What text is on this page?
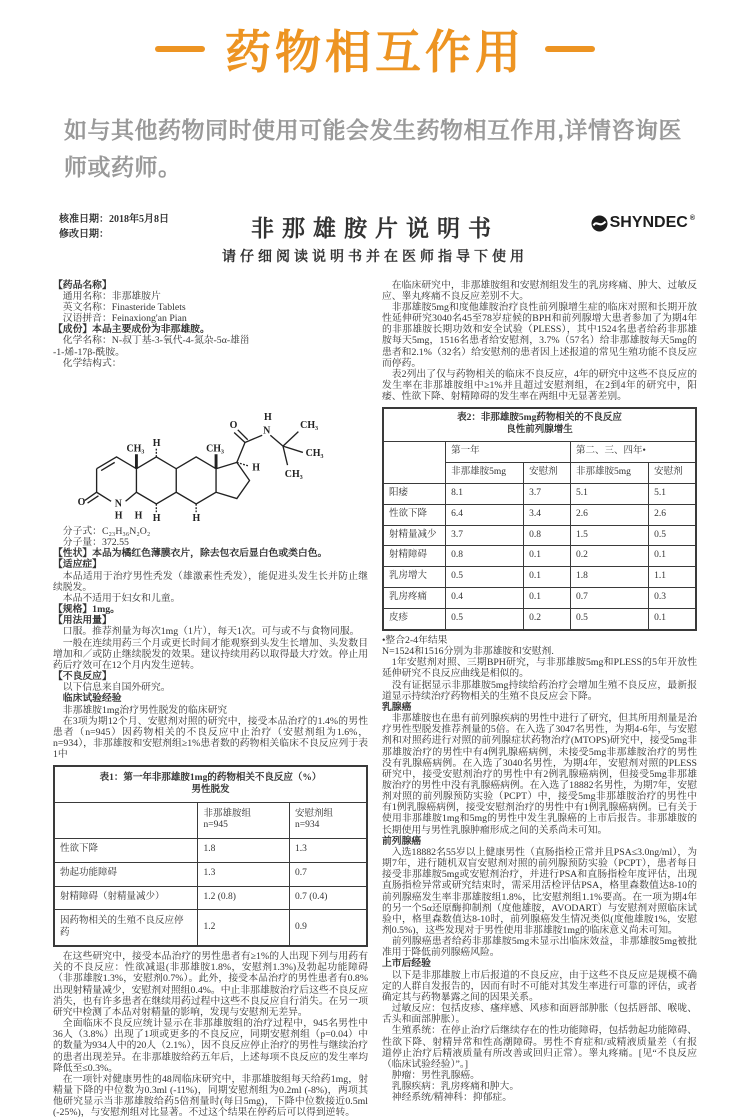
药物相互作用

如与其他药物同时使用可能会发生药物相互作用,详情咨询医师或药师。

核准日期：2018年5月8日
修改日期：	非那雄胺片说明书
请仔细阅读说明书并在医师指导下使用
SHYNDEC ®

【药品名称】

通用名称：非那雄胺片

英文名称：Finasteride Tablets

汉语拼音：Feinaxiong'an Pian

【成份】本品主要成份为非那雄胺。

化学名称：N-叔丁基-3-氧代-4-氮杂-5α-雄甾

-1-烯-17β-酰胺。

化学结构式：

O	N
H H H	H
H
H
CH₃	CH₃
O N
H
CH₃
CH₃
CH₃

分子式：C₂₃H₃₆N₂O₂

分子量：372.55

【性状】本品为橘红色薄膜衣片，除去包衣后显白色或类白色。

【适应症】

本品适用于治疗男性秃发（雄激素性秃发），能促进头发生长并防止继续脱发。

本品不适用于妇女和儿童。

【规格】1mg。

【用法用量】

口服。推荐剂量为每次1mg（1片），每天1次。可与或不与食物同服。

一般在连续用药三个月或更长时间才能观察到头发生长增加、头发数目增加和／或防止继续脱发的效果。建议持续用药以取得最大疗效。停止用药后疗效可在12个月内发生逆转。

【不良反应】

以下信息来自国外研究。

临床试验经验

非那雄胺1mg治疗男性脱发的临床研究

在3项为期12个月、安慰剂对照的研究中，接受本品治疗的1.4%的男性患者（n=945）因药物相关的不良反应中止治疗（安慰剂组为1.6%，n=934），非那雄胺和安慰剂组≥1%患者数的药物相关临床不良反应列于表1中

表1：第一年非那雄胺1mg的药物相关不良反应（%）
男性脱发		
	非那雄胺组
n=945	安慰剂组
n=934
性欲下降	1.8	1.3
勃起功能障碍	1.3	0.7
射精障碍（射精量减少）	1.2 (0.8)	0.7 (0.4)
因药物相关的生殖不良反应停药	1.2	0.9

在这些研究中，接受本品治疗的男性患者有≥1%的人出现下列与用药有关的不良反应：性欲减退(非那雄胺1.8%，安慰剂1.3%)及勃起功能障碍（非那雄胺1.3%，安慰剂0.7%）。此外，接受本品治疗的男性患者有0.8%出现射精量减少，安慰剂对照组0.4%。中止非那雄胺治疗后这些不良反应消失，也有许多患者在继续用药过程中这些不良反应自行消失。在另一项研究中检测了本品对射精量的影响，发现与安慰剂无差异。

全面临床不良反应统计显示在非那雄胺组的治疗过程中，945名男性中36人（3.8%）出现了1项或更多的不良反应，同期安慰剂组（p=0.04）中的数量为934人中的20人（2.1%），因不良反应停止治疗的男性与继续治疗的患者出现差异。在非那雄胺给药五年后，上述每项不良反应的发生率均降低至≤0.3%。

在一项针对健康男性的48周临床研究中，非那雄胺组每天给药1mg，射精量下降的中位数为0.3ml (-11%)，同期安慰剂组为0.2ml (-8%)，两项其他研究显示当非那雄胺给药5倍剂量时(每日5mg)，下降中位数接近0.5ml (-25%)，与安慰剂组对比显著。不过这个结果在停药后可以得到逆转。

在临床研究中，非那雄胺组和安慰剂组发生的乳房疼痛、肿大、过敏反应、睾丸疼痛不良反应差别不大。

非那雄胺5mg和度他雄胺治疗良性前列腺增生症的临床对照和长期开放性延伸研究3040名45至78岁症候的BPH和前列腺增大患者参加了为期4年的非那雄胺长期功效和安全试验（PLESS），其中1524名患者给药非那雄胺每天5mg，1516名患者给安慰剂，3.7%（57名）给非那雄胺每天5mg的患者和2.1%（32名）给安慰剂的患者因上述报道的常见生殖功能不良反应而停药。

表2列出了仅与药物相关的临床不良反应，4年的研究中这些不良反应的发生率在非那雄胺组中≥1%并且超过安慰剂组，在2到4年的研究中，阳痿、性欲下降、射精障碍的发生率在两组中无显著差别。

表2：非那雄胺5mg药物相关的不良反应
良性前列腺增生				
	第一年		第二、三、四年•	
	非那雄胺5mg	安慰剂	非那雄胺5mg	安慰剂
阳痿	8.1	3.7	5.1	5.1
性欲下降	6.4	3.4	2.6	2.6
射精量减少	3.7	0.8	1.5	0.5
射精障碍	0.8	0.1	0.2	0.1
乳房增大	0.5	0.1	1.8	1.1
乳房疼痛	0.4	0.1	0.7	0.3
皮疹	0.5	0.2	0.5	0.1

•整合2-4年结果

N=1524和1516分别为非那雄胺和安慰剂.

1年安慰剂对照、三期BPH研究，与非那雄胺5mg和PLESS的5年开放性延伸研究不良反应曲线是相似的。

没有证据显示非那雄胺5mg持续给药治疗会增加生殖不良反应，最新报道显示持续治疗药物相关的生殖不良反应会下降。

乳腺癌

非那雄胺也在患有前列腺疾病的男性中进行了研究，但其所用剂量是治疗男性型脱发推荐剂量的5倍。在入选了3047名男性，为期4-6年，与安慰剂和对照药进行对照的前列腺症状药物治疗(MTOPS)研究中，接受5mg非那雄胺治疗的男性中有4例乳腺癌病例，未接受5mg非那雄胺治疗的男性没有乳腺癌病例。在入选了3040名男性，为期4年，安慰剂对照的PLESS研究中，接受安慰剂治疗的男性中有2例乳腺癌病例，但接受5mg非那雄胺治疗的男性中没有乳腺癌病例。在入选了18882名男性，为期7年，安慰剂对照的前列腺预防实验（PCPT）中，接受5mg非那雄胺治疗的男性中有1例乳腺癌病例，接受安慰剂治疗的男性中有1例乳腺癌病例。已有关于使用非那雄胺1mg和5mg的男性中发生乳腺癌的上市后报告。非那雄胺的长期使用与男性乳腺肿瘤形成之间的关系尚未可知。

前列腺癌

入选18882名55岁以上健康男性（直肠指检正常并且PSA≤3.0ng/ml），为期7年，进行随机双盲安慰剂对照的前列腺预防实验（PCPT），患者每日接受非那雄胺5mg或安慰剂治疗，并进行PSA和直肠指检年度评估，出现直肠指检异常或研究结束时，需采用活检评估PSA，格里森数值达8-10的前列腺癌发生率非那雄胺组1.8%，比安慰剂组1.1%要高。在一项为期4年的另一个5α还原酶抑制剂（度他雄胺，AVODART）与安慰剂对照临床试验中，格里森数值达8-10时，前列腺癌发生情况类似(度他雄胺1%，安慰剂0.5%)，这些发现对于男性使用非那雄胺1mg的临床意义尚未可知。

前列腺癌患者给药非那雄胺5mg未显示出临床效益，非那雄胺5mg被批准用于降低前列腺癌风险。

上市后经验

以下是非那雄胺上市后报道的不良反应，由于这些不良反应是规模不确定的人群自发报告的，因而有时不可能对其发生率进行可靠的评估，或者确定其与药物暴露之间的因果关系。

过敏反应：包括皮疹、瘙痒感、风疹和面唇部肿胀（包括唇部、喉咙、舌头和面部肿胀）。

生殖系统：在停止治疗后继续存在的性功能障碍，包括勃起功能障碍、性欲下降、射精异常和性高潮障碍。男性不育症和/或精液质量差（有报道停止治疗后精液质量有所改善或回归正常）。睾丸疼痛。[见“不良反应（临床试验经验）”。]

肿瘤：男性乳腺癌。

乳腺疾病：乳房疼痛和肿大。

神经系统/精神科：抑郁症。
